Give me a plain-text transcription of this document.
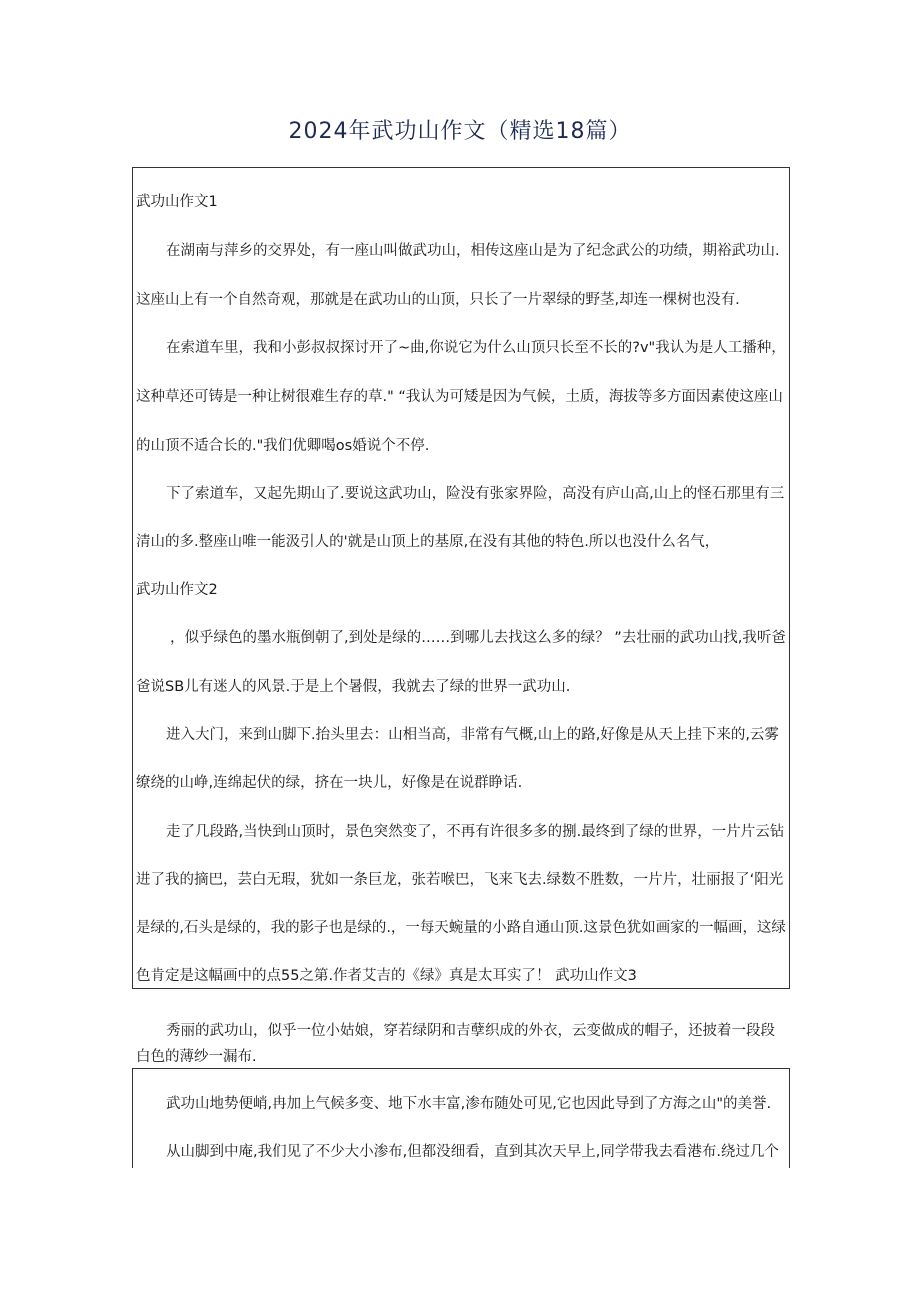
2024年武功山作文（精选18篇）
武功山作文1
在湖南与萍乡的交界处，有一座山叫做武功山，相传这座山是为了纪念武公的功绩，期裕武功山.
这座山上有一个自然奇观，那就是在武功山的山顶，只长了一片翠绿的野茎,却连一棵树也没有.
在索道车里，我和小彭叔叔探讨开了~曲,你说它为什么山顶只长至不长的?v"我认为是人工播种，
这种草还可铸是一种让树很难生存的草." “我认为可矮是因为气候，土质，海拔等多方面因素使这座山
的山顶不适合长的."我们优卿喝os婚说个不停.
下了索道车，又起先期山了.要说这武功山，险没有张家界险，高没有庐山高,山上的怪石那里有三
清山的多.整座山唯一能汲引人的'就是山顶上的基原,在没有其他的特色.所以也没什么名气，
武功山作文2
，似乎绿色的墨水瓶倒朝了,到处是绿的……到哪儿去找这么多的绿？ ”去壮丽的武功山找,我听爸
爸说SB儿有迷人的风景.于是上个暑假，我就去了绿的世界一武功山.
进入大门，来到山脚下.抬头里去：山相当高，非常有气概,山上的路,好像是从天上挂下来的,云雾
缭绕的山峥,连绵起伏的绿，挤在一块儿，好像是在说群睁话.
走了几段路,当快到山顶时，景色突然变了，不再有许很多多的捌.最终到了绿的世界，一片片云钻
进了我的摘巴，芸白无瑕，犹如一条巨龙，张若喉巴，飞来飞去.绿数不胜数，一片片，壮丽报了‘阳光
是绿的,石头是绿的，我的影子也是绿的.，一每天蜿量的小路自通山顶.这景色犹如画家的一幅画，这绿
色肯定是这幅画中的点55之第.作者艾吉的《绿》真是太耳实了！ 武功山作文3
秀丽的武功山，似乎一位小姑娘，穿若绿阴和吉孽织成的外衣，云变做成的帽子，还披着一段段
白色的薄纱一漏布.
武功山地势便峭,冉加上气候多变、地下水丰富,渗布随处可见,它也因此导到了方海之山"的美誉.
从山脚到中庵,我们见了不少大小渗布,但都没细看，直到其次天早上,同学带我去看港布.绕过几个
